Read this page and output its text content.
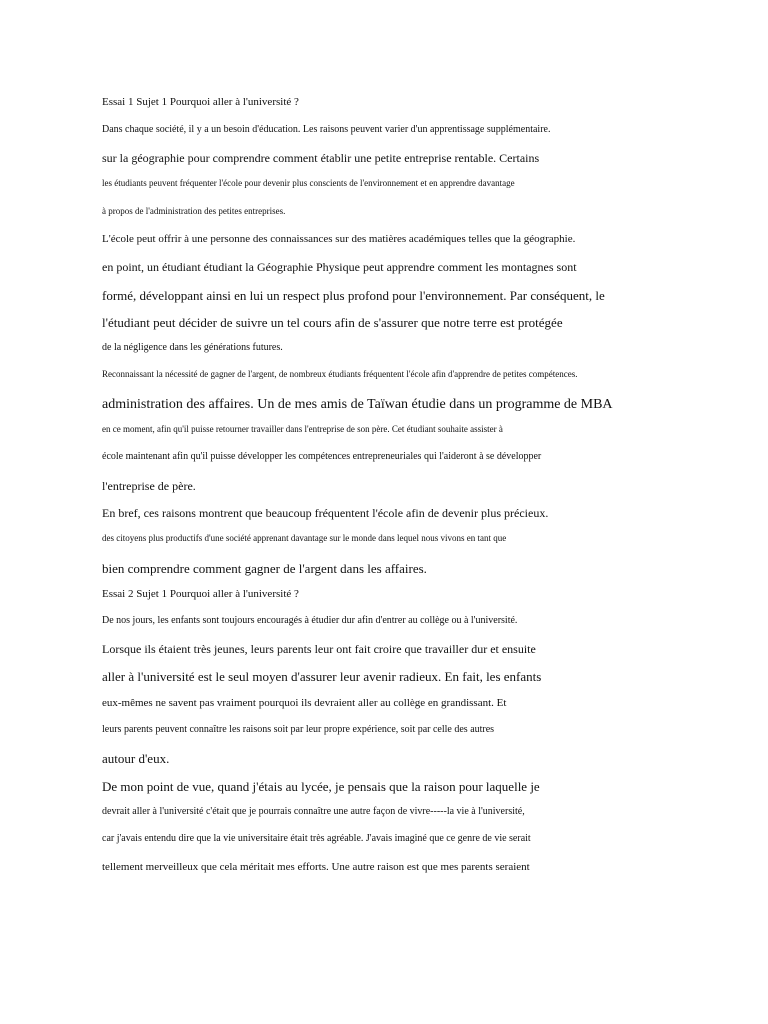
Essai 1 Sujet 1 Pourquoi aller à l'université ?

Dans chaque société, il y a un besoin d'éducation. Les raisons peuvent varier d'un apprentissage supplémentaire.

sur la géographie pour comprendre comment établir une petite entreprise rentable. Certains

les étudiants peuvent fréquenter l'école pour devenir plus conscients de l'environnement et en apprendre davantage

à propos de l'administration des petites entreprises.

L'école peut offrir à une personne des connaissances sur des matières académiques telles que la géographie.

en point, un étudiant étudiant la Géographie Physique peut apprendre comment les montagnes sont

formé, développant ainsi en lui un respect plus profond pour l'environnement. Par conséquent, le

l'étudiant peut décider de suivre un tel cours afin de s'assurer que notre terre est protégée

de la négligence dans les générations futures.

Reconnaissant la nécessité de gagner de l'argent, de nombreux étudiants fréquentent l'école afin d'apprendre de petites compétences.

administration des affaires. Un de mes amis de Taïwan étudie dans un programme de MBA

en ce moment, afin qu'il puisse retourner travailler dans l'entreprise de son père. Cet étudiant souhaite assister à

école maintenant afin qu'il puisse développer les compétences entrepreneuriales qui l'aideront à se développer

l'entreprise de père.

En bref, ces raisons montrent que beaucoup fréquentent l'école afin de devenir plus précieux.

des citoyens plus productifs d'une société apprenant davantage sur le monde dans lequel nous vivons en tant que

bien comprendre comment gagner de l'argent dans les affaires.

Essai 2 Sujet 1 Pourquoi aller à l'université ?

De nos jours, les enfants sont toujours encouragés à étudier dur afin d'entrer au collège ou à l'université.

Lorsque ils étaient très jeunes, leurs parents leur ont fait croire que travailler dur et ensuite

aller à l'université est le seul moyen d'assurer leur avenir radieux. En fait, les enfants

eux-mêmes ne savent pas vraiment pourquoi ils devraient aller au collège en grandissant. Et

leurs parents peuvent connaître les raisons soit par leur propre expérience, soit par celle des autres

autour d'eux.

De mon point de vue, quand j'étais au lycée, je pensais que la raison pour laquelle je

devrait aller à l'université c'était que je pourrais connaître une autre façon de vivre-----la vie à l'université,

car j'avais entendu dire que la vie universitaire était très agréable. J'avais imaginé que ce genre de vie serait

tellement merveilleux que cela méritait mes efforts. Une autre raison est que mes parents seraient
